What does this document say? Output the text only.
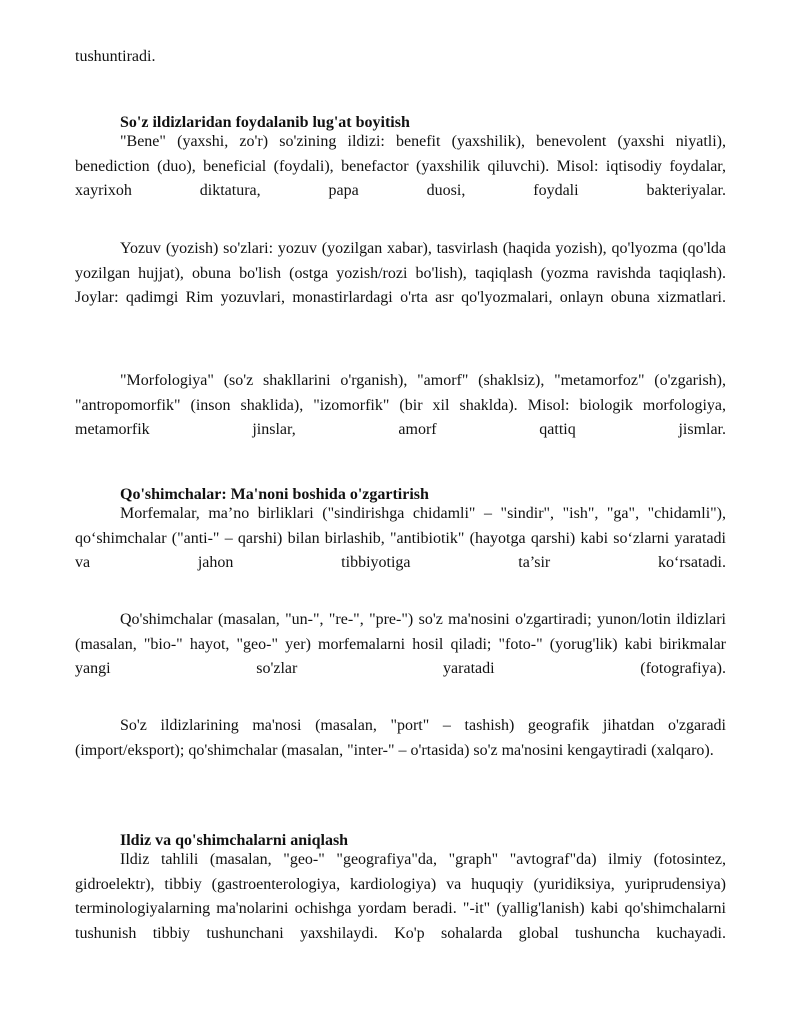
tushuntiradi.

So'z ildizlaridan foydalanib lug'at boyitish

"Bene" (yaxshi, zo'r) so'zining ildizi: benefit (yaxshilik), benevolent (yaxshi niyatli), benediction (duo), beneficial (foydali), benefactor (yaxshilik qiluvchi). Misol: iqtisodiy foydalar, xayrixoh diktatura, papa duosi, foydali bakteriyalar.

Yozuv (yozish) so'zlari: yozuv (yozilgan xabar), tasvirlash (haqida yozish), qo'lyozma (qo'lda yozilgan hujjat), obuna bo'lish (ostga yozish/rozi bo'lish), taqiqlash (yozma ravishda taqiqlash). Joylar: qadimgi Rim yozuvlari, monastirlardagi o'rta asr qo'lyozmalari, onlayn obuna xizmatlari.

"Morfologiya" (so'z shakllarini o'rganish), "amorf" (shaklsiz), "metamorfoz" (o'zgarish), "antropomorfik" (inson shaklida), "izomorfik" (bir xil shaklda). Misol: biologik morfologiya, metamorfik jinslar, amorf qattiq jismlar.

Qo'shimchalar: Ma'noni boshida o'zgartirish

Morfemalar, ma’no birliklari ("sindirishga chidamli" – "sindir", "ish", "ga", "chidamli"), qo‘shimchalar ("anti-" – qarshi) bilan birlashib, "antibiotik" (hayotga qarshi) kabi so‘zlarni yaratadi va jahon tibbiyotiga ta’sir ko‘rsatadi.

Qo'shimchalar (masalan, "un-", "re-", "pre-") so'z ma'nosini o'zgartiradi; yunon/lotin ildizlari (masalan, "bio-" hayot, "geo-" yer) morfemalarni hosil qiladi; "foto-" (yorug'lik) kabi birikmalar yangi so'zlar yaratadi (fotografiya).

So'z ildizlarining ma'nosi (masalan, "port" – tashish) geografik jihatdan o'zgaradi (import/eksport); qo'shimchalar (masalan, "inter-" – o'rtasida) so'z ma'nosini kengaytiradi (xalqaro).

Ildiz va qo'shimchalarni aniqlash

Ildiz tahlili (masalan, "geo-" "geografiya"da, "graph" "avtograf"da) ilmiy (fotosintez, gidroelektr), tibbiy (gastroenterologiya, kardiologiya) va huquqiy (yuridiksiya, yuriprudensiya) terminologiyalarning ma'nolarini ochishga yordam beradi. "-it" (yallig'lanish) kabi qo'shimchalarni tushunish tibbiy tushunchani yaxshilaydi. Ko'p sohalarda global tushuncha kuchayadi.
